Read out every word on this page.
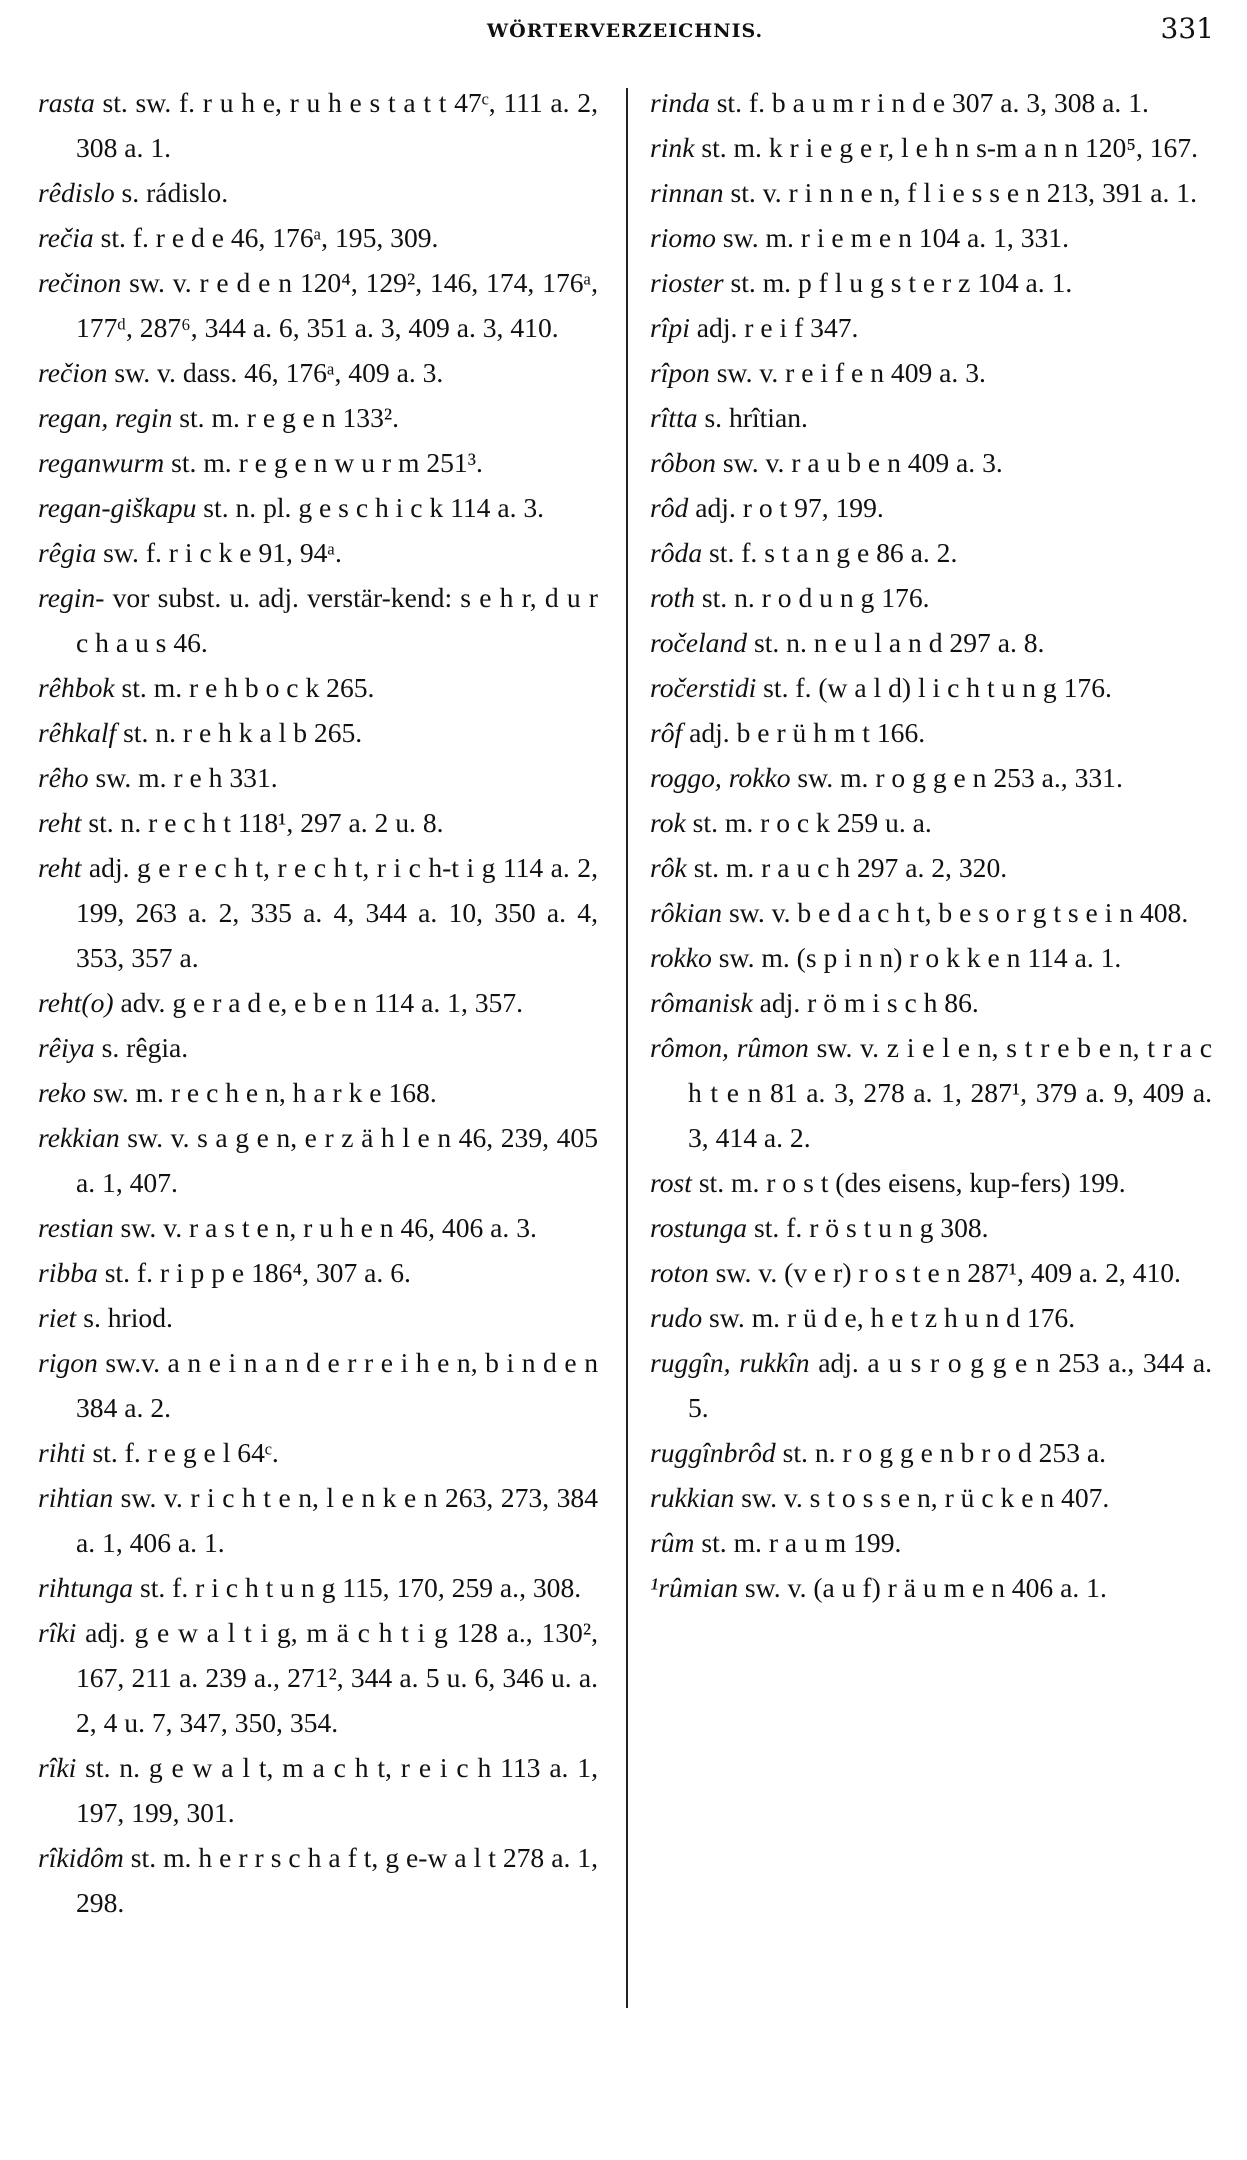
WÖRTERVERZEICHNIS.	331

rasta st. sw. f. r u h e, r u h e s t a t t 47ᶜ, 111 a. 2, 308 a. 1.

rêdislo s. rádislo.

rečia st. f. r e d e 46, 176ᵃ, 195, 309.

rečinon sw. v. r e d e n 120⁴, 129², 146, 174, 176ᵃ, 177ᵈ, 287⁶, 344 a. 6, 351 a. 3, 409 a. 3, 410.

rečion sw. v. dass. 46, 176ᵃ, 409 a. 3.

regan, regin st. m. r e g e n 133².

reganwurm st. m. r e g e n w u r m 251³.

regan-giškapu st. n. pl. g e s c h i c k 114 a. 3.

rêgia sw. f. r i c k e 91, 94ᵃ.

regin- vor subst. u. adj. verstär-kend: s e h r, d u r c h a u s 46.

rêhbok st. m. r e h b o c k 265.

rêhkalf st. n. r e h k a l b 265.

rêho sw. m. r e h 331.

reht st. n. r e c h t 118¹, 297 a. 2 u. 8.

reht adj. g e r e c h t, r e c h t, r i c h-t i g 114 a. 2, 199, 263 a. 2, 335 a. 4, 344 a. 10, 350 a. 4, 353, 357 a.

reht(o) adv. g e r a d e, e b e n 114 a. 1, 357.

rêiya s. rêgia.

reko sw. m. r e c h e n, h a r k e 168.

rekkian sw. v. s a g e n, e r z ä h l e n 46, 239, 405 a. 1, 407.

restian sw. v. r a s t e n, r u h e n 46, 406 a. 3.

ribba st. f. r i p p e 186⁴, 307 a. 6.

riet s. hriod.

rigon sw.v. a n e i n a n d e r r e i h e n, b i n d e n 384 a. 2.

rihti st. f. r e g e l 64ᶜ.

rihtian sw. v. r i c h t e n, l e n k e n 263, 273, 384 a. 1, 406 a. 1.

rihtunga st. f. r i c h t u n g 115, 170, 259 a., 308.

rîki adj. g e w a l t i g, m ä c h t i g 128 a., 130², 167, 211 a. 239 a., 271², 344 a. 5 u. 6, 346 u. a. 2, 4 u. 7, 347, 350, 354.

rîki st. n. g e w a l t, m a c h t, r e i c h 113 a. 1, 197, 199, 301.

rîkidôm st. m. h e r r s c h a f t, g e-w a l t 278 a. 1, 298.

rinda st. f. b a u m r i n d e 307 a. 3, 308 a. 1.

rink st. m. k r i e g e r, l e h n s-m a n n 120⁵, 167.

rinnan st. v. r i n n e n, f l i e s s e n 213, 391 a. 1.

riomo sw. m. r i e m e n 104 a. 1, 331.

rioster st. m. p f l u g s t e r z 104 a. 1.

rîpi adj. r e i f 347.

rîpon sw. v. r e i f e n 409 a. 3.

rîtta s. hrîtian.

rôbon sw. v. r a u b e n 409 a. 3.

rôd adj. r o t 97, 199.

rôda st. f. s t a n g e 86 a. 2.

roth st. n. r o d u n g 176.

ročeland st. n. n e u l a n d 297 a. 8.

ročerstidi st. f. (w a l d) l i c h t u n g 176.

rôf adj. b e r ü h m t 166.

roggo, rokko sw. m. r o g g e n 253 a., 331.

rok st. m. r o c k 259 u. a.

rôk st. m. r a u c h 297 a. 2, 320.

rôkian sw. v. b e d a c h t, b e s o r g t s e i n 408.

rokko sw. m. (s p i n n) r o k k e n 114 a. 1.

rômanisk adj. r ö m i s c h 86.

rômon, rûmon sw. v. z i e l e n, s t r e b e n, t r a c h t e n 81 a. 3, 278 a. 1, 287¹, 379 a. 9, 409 a. 3, 414 a. 2.

rost st. m. r o s t (des eisens, kup-fers) 199.

rostunga st. f. r ö s t u n g 308.

roton sw. v. (v e r) r o s t e n 287¹, 409 a. 2, 410.

rudo sw. m. r ü d e, h e t z h u n d 176.

ruggîn, rukkîn adj. a u s r o g g e n 253 a., 344 a. 5.

ruggînbrôd st. n. r o g g e n b r o d 253 a.

rukkian sw. v. s t o s s e n, r ü c k e n 407.

rûm st. m. r a u m 199.

¹rûmian sw. v. (a u f) r ä u m e n 406 a. 1.
